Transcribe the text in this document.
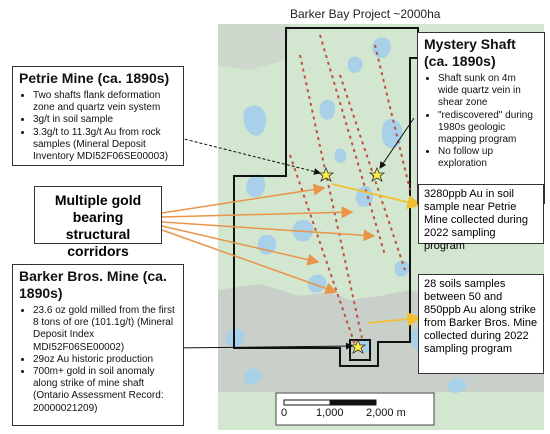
Barker Bay Project ~2000ha
Petrie Mine (ca. 1890s)
• Two shafts flank deformation zone and quartz vein system
• 3g/t in soil sample
• 3.3g/t to 11.3g/t Au from rock samples (Mineral Deposit Inventory MDI52F06SE00003)
Mystery Shaft (ca. 1890s)
• Shaft sunk on 4m wide quartz vein in shear zone
• "rediscovered" during 1980s geologic mapping program
• No follow up exploration
Multiple gold bearing structural corridors
Barker Bros. Mine (ca. 1890s)
• 23.6 oz gold milled from the first 8 tons of ore (101.1g/t) (Mineral Deposit Index MDI52F06SE00002)
• 29oz Au historic production
• 700m+ gold in soil anomaly along strike of mine shaft (Ontario Assessment Record: 20000021209)
3280ppb Au in soil sample near Petrie Mine collected during 2022 sampling program
28 soils samples between 50 and 850ppb Au along strike from Barker Bros. Mine collected during 2022 sampling program
0	1,000 2,000 m
